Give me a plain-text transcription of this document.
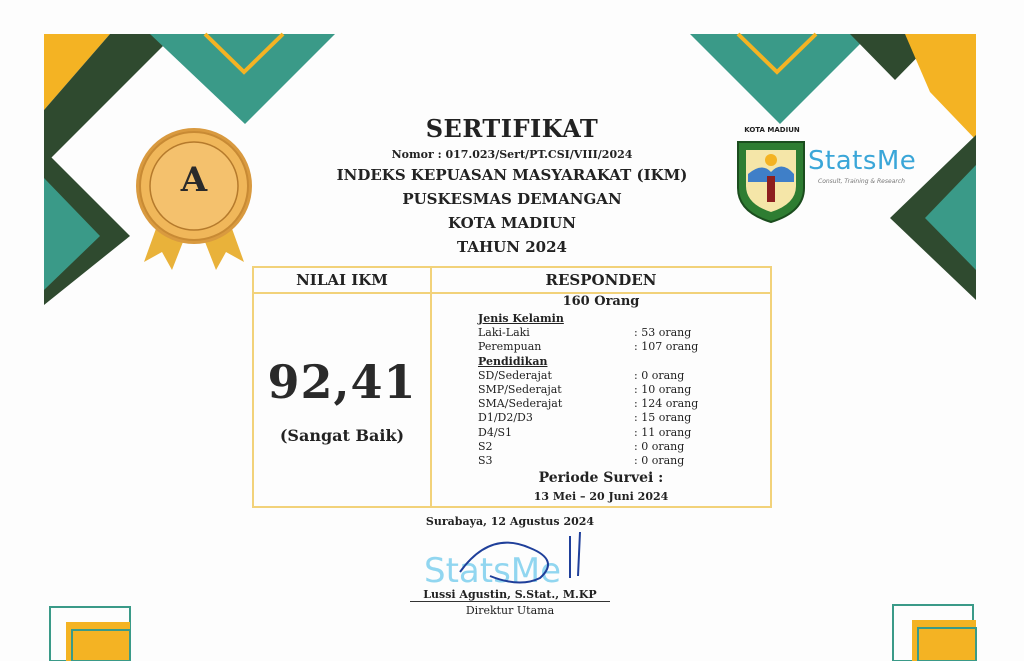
A
KOTA MADIUN
StatsMe
Consult, Training & Research
SERTIFIKAT
Nomor : 017.023/Sert/PT.CSI/VIII/2024
INDEKS KEPUASAN MASYARAKAT (IKM)
PUSKESMAS DEMANGAN
KOTA MADIUN
TAHUN 2024
NILAI IKM	RESPONDEN
92,41
(Sangat Baik)
160 Orang
Jenis Kelamin
Laki-Laki	: 53 orang
Perempuan	: 107 orang
Pendidikan
SD/Sederajat	: 0 orang
SMP/Sederajat	: 10 orang
SMA/Sederajat	: 124 orang
D1/D2/D3	: 15 orang
D4/S1	: 11 orang
S2	: 0 orang
S3	: 0 orang
Periode Survei :
13 Mei – 20 Juni 2024
Surabaya, 12 Agustus 2024
StatsMe
Lussi Agustin, S.Stat., M.KP
Direktur Utama
